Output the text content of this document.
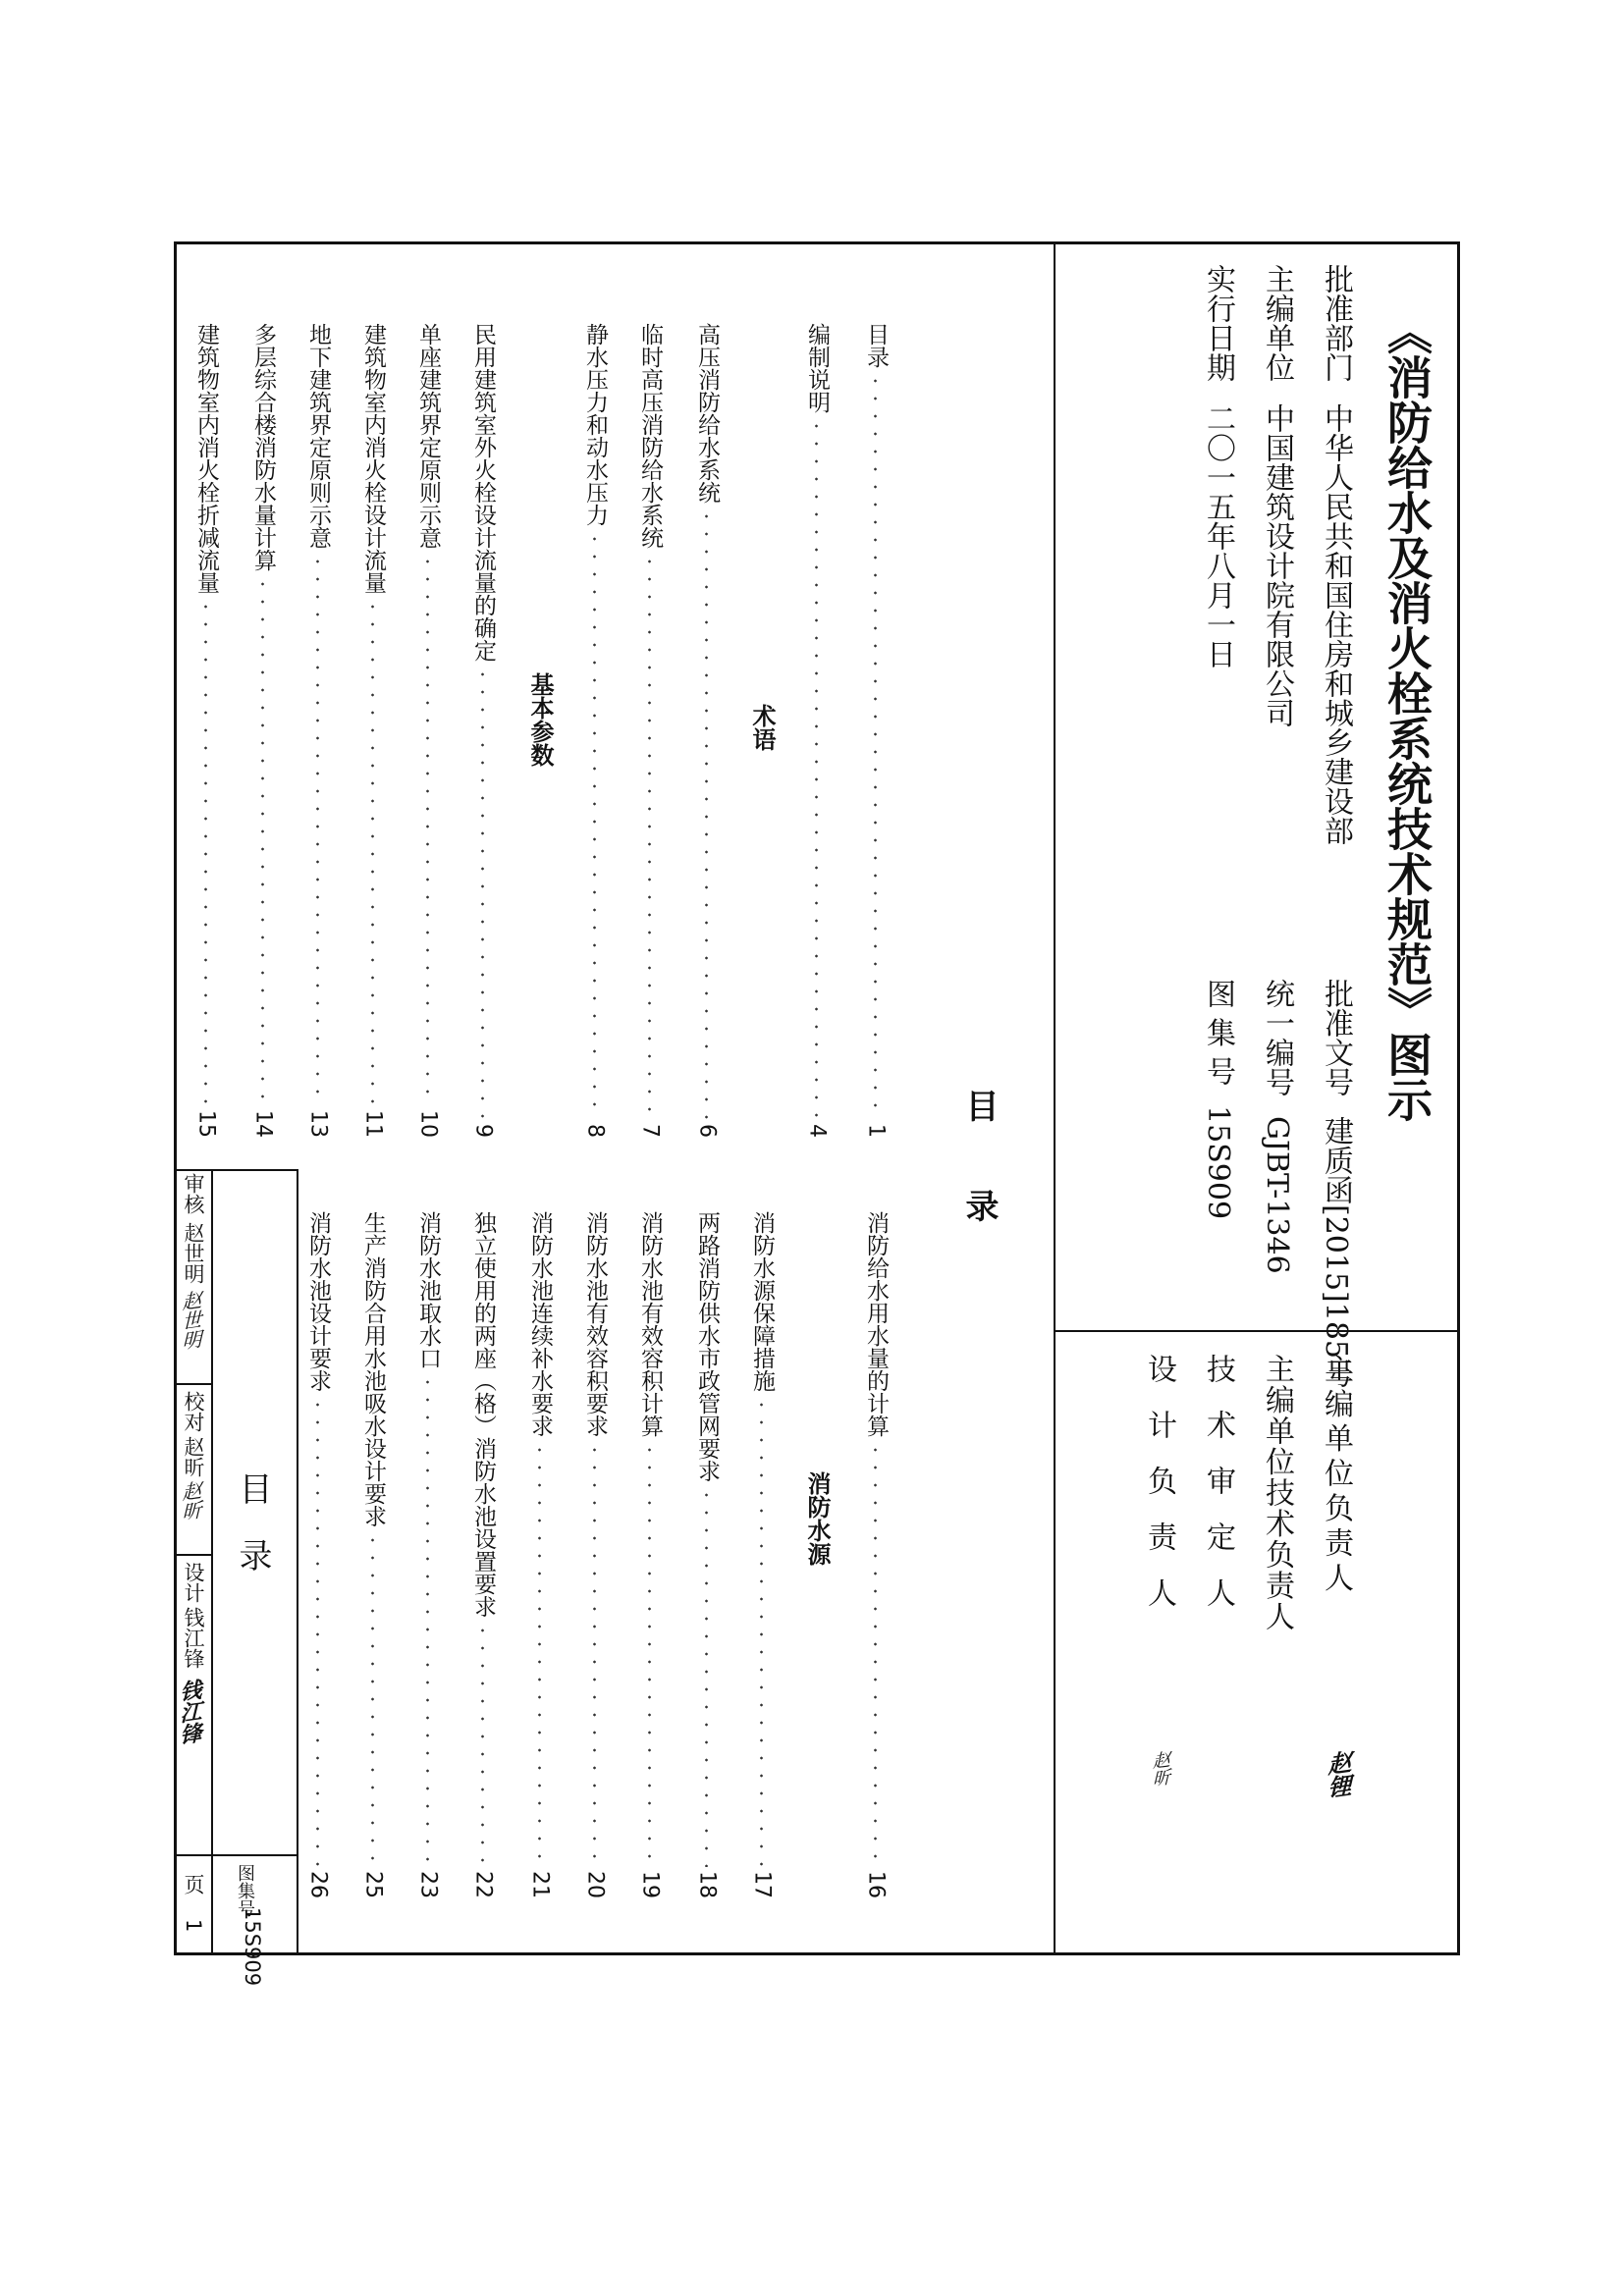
《消防给水及消火栓系统技术规范》图示
批准部门中华人民共和国住房和城乡建设部
主编单位中国建筑设计院有限公司
实行日期二〇一五年八月一日
批准文号建质函[2015]185号
统一编号GJBT-1346
图 集 号15S909
主编单位负责人
主编单位技术负责人
技术审定人
设计负责人
赵锂
赵昕
目　　录
目录
1
编制说明
4
术语
高压消防给水系统
6
临时高压消防给水系统
7
静水压力和动水压力
8
基本参数
民用建筑室外火栓设计流量的确定
9
单座建筑界定原则示意
10
建筑物室内消火栓设计流量
11
地下建筑界定原则示意
13
多层综合楼消防水量计算
14
建筑物室内消火栓折减流量
15
消防给水用水量的计算
16
消防水源
消防水源保障措施
17
两路消防供水市政管网要求
18
消防水池有效容积计算
19
消防水池有效容积要求
20
消防水池连续补水要求
21
独立使用的两座（格）消防水池设置要求
22
消防水池取水口
23
生产消防合用水池吸水设计要求
25
消防水池设计要求
26
目　录
图集号
15S909
审核
赵世明
赵世明
校对
赵昕
赵昕
设计
钱江锋
钱江锋
页
1
